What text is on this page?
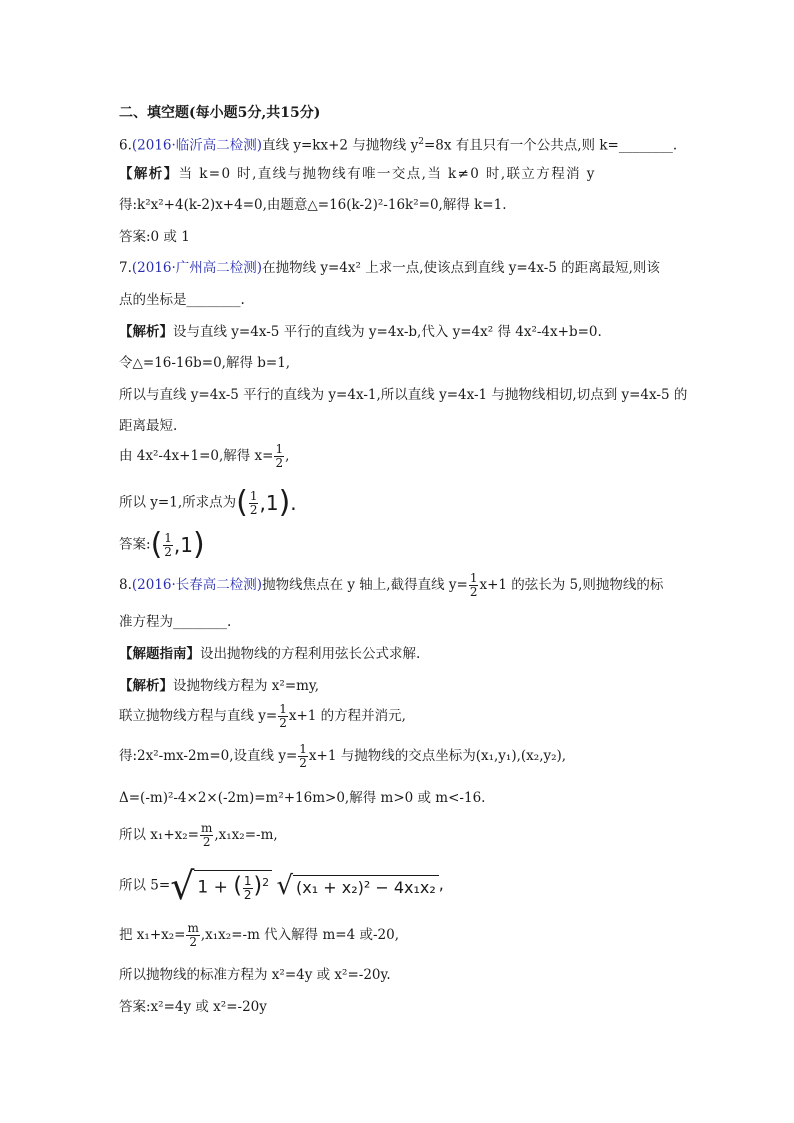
二、填空题(每小题5分,共15分)
6.(2016·临沂高二检测)直线 y=kx+2 与抛物线 $y^2=8x$ 有且只有一个公共点,则 k=________.
【解析】当 k=0 时,直线与抛物线有唯一交点,当 k≠0 时,联立方程消 y
得:k²x²+4(k-2)x+4=0,由题意△=16(k-2)²-16k²=0,解得 k=1.
答案:0 或 1
7.(2016·广州高二检测)在抛物线 y=4x² 上求一点,使该点到直线 y=4x-5 的距离最短,则该
点的坐标是________.
【解析】设与直线 y=4x-5 平行的直线为 y=4x-b,代入 y=4x² 得 4x²-4x+b=0.
令△=16-16b=0,解得 b=1,
所以与直线 y=4x-5 平行的直线为 y=4x-1,所以直线 y=4x-1 与抛物线相切,切点到 y=4x-5 的
距离最短.
由 4x²-4x+1=0,解得 $x= \frac{1}{2}$ ,
所以 y=1,所求点为( $\frac{1}{2} ,1$).
答案:( $\frac{1}{2} ,1$)
8.(2016·长春高二检测)抛物线焦点在 y 轴上,截得直线 $y= \frac{1}{2} x+1$ 的弦长为 5,则抛物线的标
准方程为________.
【解题指南】设出抛物线的方程利用弦长公式求解.
【解析】设抛物线方程为 x²=my,
联立抛物线方程与直线 $y= \frac{1}{2} x+1$ 的方程并消元,
得:2x²-mx-2m=0,设直线 $y= \frac{1}{2} x+1$ 与抛物线的交点坐标为(x₁,y₁),(x₂,y₂),
Δ=(-m)²-4×2×(-2m)=m²+16m>0,解得 m>0 或 m<-16.
所以 $x_1+x_2= \frac{m}{2} ,x_1x_2=-m$,
所以 5=√ 1 + ( $\frac{1}{2} )^2$ √ (x₁ + x₂)² − 4x₁x₂ ,
把 $x_1+x_2= \frac{m}{2} ,x_1x_2=-m$ 代入解得 m=4 或-20,
所以抛物线的标准方程为 x²=4y 或 x²=-20y.
答案:x²=4y 或 x²=-20y
